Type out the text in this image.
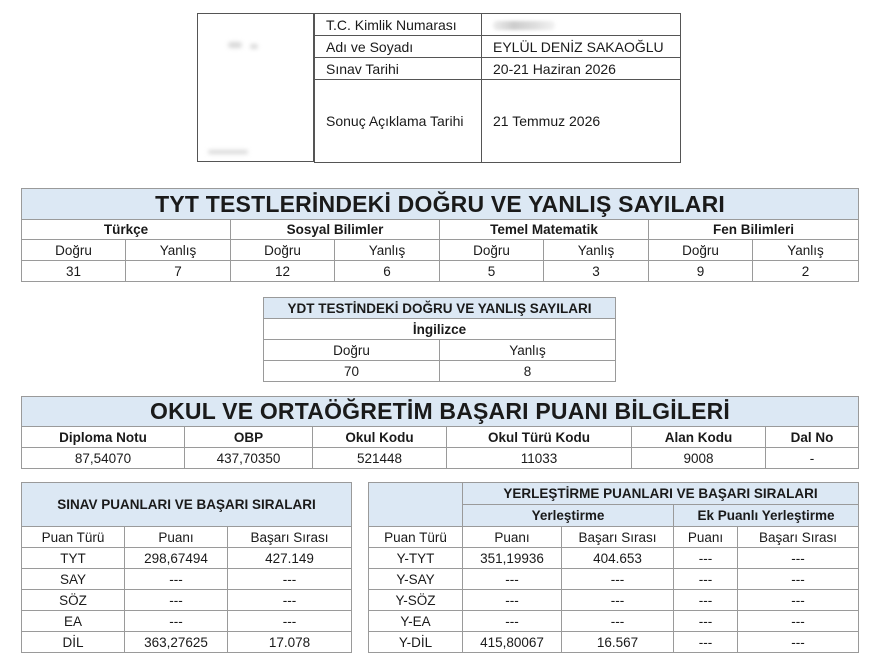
T.C. Kimlik Numarası	
Adı ve Soyadı	EYLÜL DENİZ SAKAOĞLU
Sınav Tarihi	20-21 Haziran 2026
Sonuç Açıklama Tarihi	21 Temmuz 2026
TYT TESTLERİNDEKİ DOĞRU VE YANLIŞ SAYILARI							
Türkçe		Sosyal Bilimler		Temel Matematik		Fen Bilimleri	
Doğru	Yanlış	Doğru	Yanlış	Doğru	Yanlış	Doğru	Yanlış
31	7	12	6	5	3	9	2
YDT TESTİNDEKİ DOĞRU VE YANLIŞ SAYILARI	
İngilizce	
Doğru	Yanlış
70	8
OKUL VE ORTAÖĞRETİM BAŞARI PUANI BİLGİLERİ					
Diploma Notu	OBP	Okul Kodu	Okul Türü Kodu	Alan Kodu	Dal No
87,54070	437,70350	521448	11033	9008	-
SINAV PUANLARI VE BAŞARI SIRALARI		
Puan Türü	Puanı	Başarı Sırası
TYT	298,67494	427.149
SAY	---	---
SÖZ	---	---
EA	---	---
DİL	363,27625	17.078
	YERLEŞTİRME PUANLARI VE BAŞARI SIRALARI			
	Yerleştirme		Ek Puanlı Yerleştirme	
Puan Türü	Puanı	Başarı Sırası	Puanı	Başarı Sırası
Y-TYT	351,19936	404.653	---	---
Y-SAY	---	---	---	---
Y-SÖZ	---	---	---	---
Y-EA	---	---	---	---
Y-DİL	415,80067	16.567	---	---
